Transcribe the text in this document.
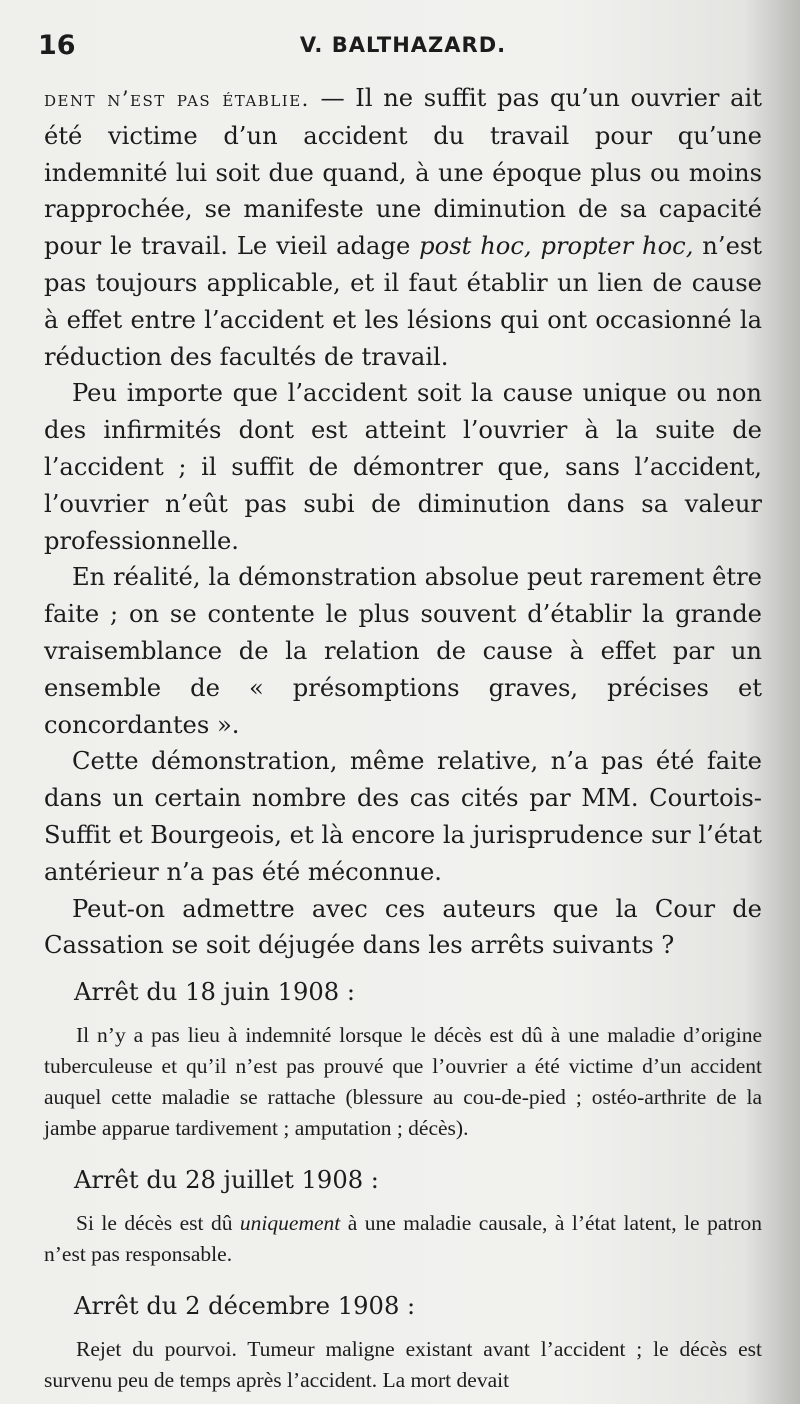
16	V. BALTHAZARD.

dent n’est pas établie. — Il ne suffit pas qu’un ouvrier ait été victime d’un accident du travail pour qu’une indemnité lui soit due quand, à une époque plus ou moins rapprochée, se manifeste une diminution de sa capacité pour le travail. Le vieil adage post hoc, propter hoc, n’est pas toujours applicable, et il faut établir un lien de cause à effet entre l’accident et les lésions qui ont occasionné la réduction des facultés de travail.

Peu importe que l’accident soit la cause unique ou non des infirmités dont est atteint l’ouvrier à la suite de l’accident ; il suffit de démontrer que, sans l’accident, l’ouvrier n’eût pas subi de diminution dans sa valeur professionnelle.

En réalité, la démonstration absolue peut rarement être faite ; on se contente le plus souvent d’établir la grande vraisemblance de la relation de cause à effet par un ensemble de « présomptions graves, précises et concordantes ».

Cette démonstration, même relative, n’a pas été faite dans un certain nombre des cas cités par MM. Courtois-Suffit et Bourgeois, et là encore la jurisprudence sur l’état antérieur n’a pas été méconnue.

Peut-on admettre avec ces auteurs que la Cour de Cassation se soit déjugée dans les arrêts suivants ?

Arrêt du 18 juin 1908 :

Il n’y a pas lieu à indemnité lorsque le décès est dû à une maladie d’origine tuberculeuse et qu’il n’est pas prouvé que l’ouvrier a été victime d’un accident auquel cette maladie se rattache (blessure au cou-de-pied ; ostéo-arthrite de la jambe apparue tardivement ; amputation ; décès).

Arrêt du 28 juillet 1908 :

Si le décès est dû uniquement à une maladie causale, à l’état latent, le patron n’est pas responsable.

Arrêt du 2 décembre 1908 :

Rejet du pourvoi. Tumeur maligne existant avant l’accident ; le décès est survenu peu de temps après l’accident. La mort devait
